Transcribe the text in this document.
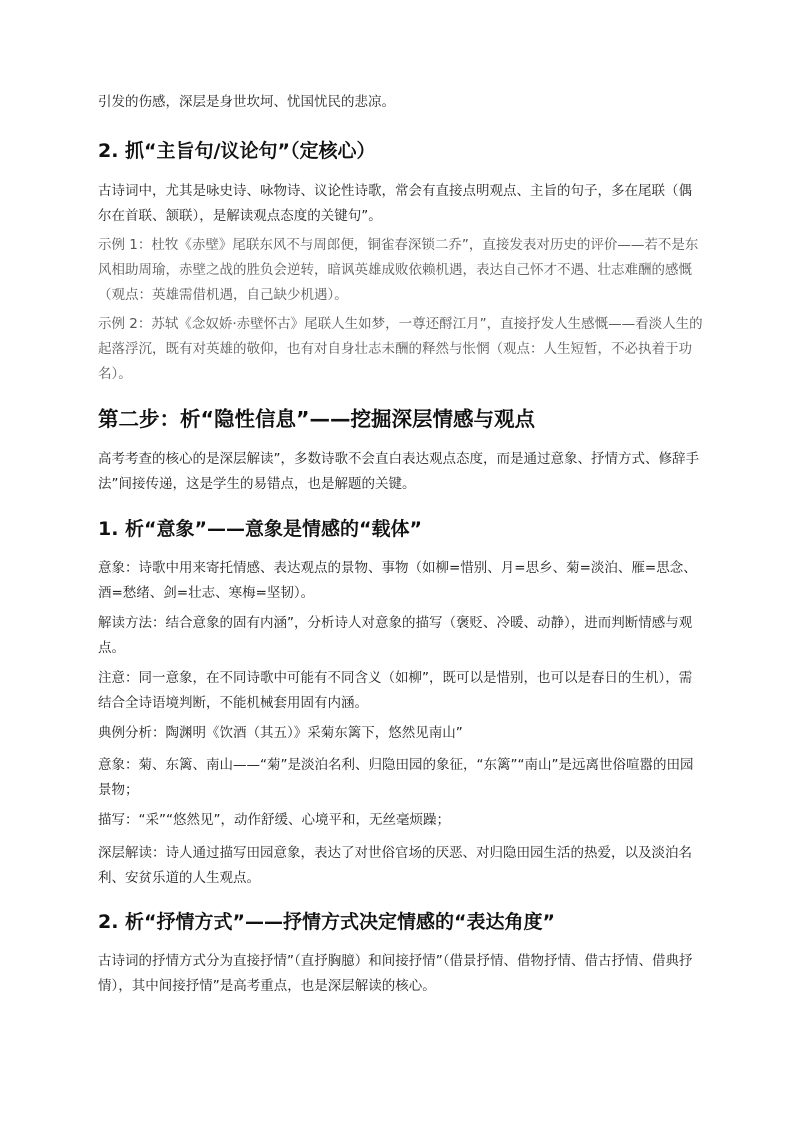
引发的伤感，深层是身世坎坷、忧国忧民的悲凉。

2. 抓“主旨句/议论句”（定核心）

古诗词中，尤其是咏史诗、咏物诗、议论性诗歌，常会有直接点明观点、主旨的句子，多在尾联（偶尔在首联、颔联），是解读观点态度的关键句”。

示例 1：杜牧《赤壁》尾联东风不与周郎便，铜雀春深锁二乔”，直接发表对历史的评价——若不是东风相助周瑜，赤壁之战的胜负会逆转，暗讽英雄成败依赖机遇，表达自己怀才不遇、壮志难酬的感慨（观点：英雄需借机遇，自己缺少机遇）。

示例 2：苏轼《念奴娇·赤壁怀古》尾联人生如梦，一尊还酹江月”，直接抒发人生感慨——看淡人生的起落浮沉，既有对英雄的敬仰，也有对自身壮志未酬的释然与怅惘（观点：人生短暂，不必执着于功名）。

第二步：析“隐性信息”——挖掘深层情感与观点

高考考查的核心的是深层解读”，多数诗歌不会直白表达观点态度，而是通过意象、抒情方式、修辞手法”间接传递，这是学生的易错点，也是解题的关键。

1. 析“意象”——意象是情感的“载体”

意象：诗歌中用来寄托情感、表达观点的景物、事物（如柳=惜别、月=思乡、菊=淡泊、雁=思念、酒=愁绪、剑=壮志、寒梅=坚韧）。

解读方法：结合意象的固有内涵”，分析诗人对意象的描写（褒贬、冷暖、动静），进而判断情感与观点。

注意：同一意象，在不同诗歌中可能有不同含义（如柳”，既可以是惜别，也可以是春日的生机），需结合全诗语境判断，不能机械套用固有内涵。

典例分析：陶渊明《饮酒（其五）》采菊东篱下，悠然见南山”

意象：菊、东篱、南山——“菊”是淡泊名利、归隐田园的象征，“东篱”“南山”是远离世俗喧嚣的田园景物；

描写：“采”“悠然见”，动作舒缓、心境平和，无丝毫烦躁；

深层解读：诗人通过描写田园意象，表达了对世俗官场的厌恶、对归隐田园生活的热爱，以及淡泊名利、安贫乐道的人生观点。

2. 析“抒情方式”——抒情方式决定情感的“表达角度”

古诗词的抒情方式分为直接抒情”（直抒胸臆）和间接抒情”（借景抒情、借物抒情、借古抒情、借典抒情），其中间接抒情”是高考重点，也是深层解读的核心。
